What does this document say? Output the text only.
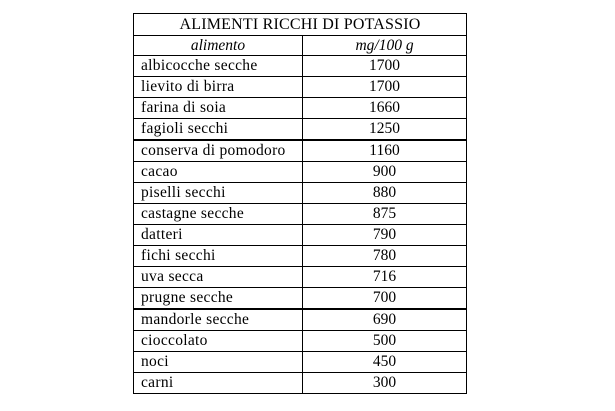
ALIMENTI RICCHI DI POTASSIO	
alimento	mg/100 g
albicocche secche	1700
lievito di birra	1700
farina di soia	1660
fagioli secchi	1250
conserva di pomodoro	1160
cacao	900
piselli secchi	880
castagne secche	875
datteri	790
fichi secchi	780
uva secca	716
prugne secche	700
mandorle secche	690
cioccolato	500
noci	450
carni	300
